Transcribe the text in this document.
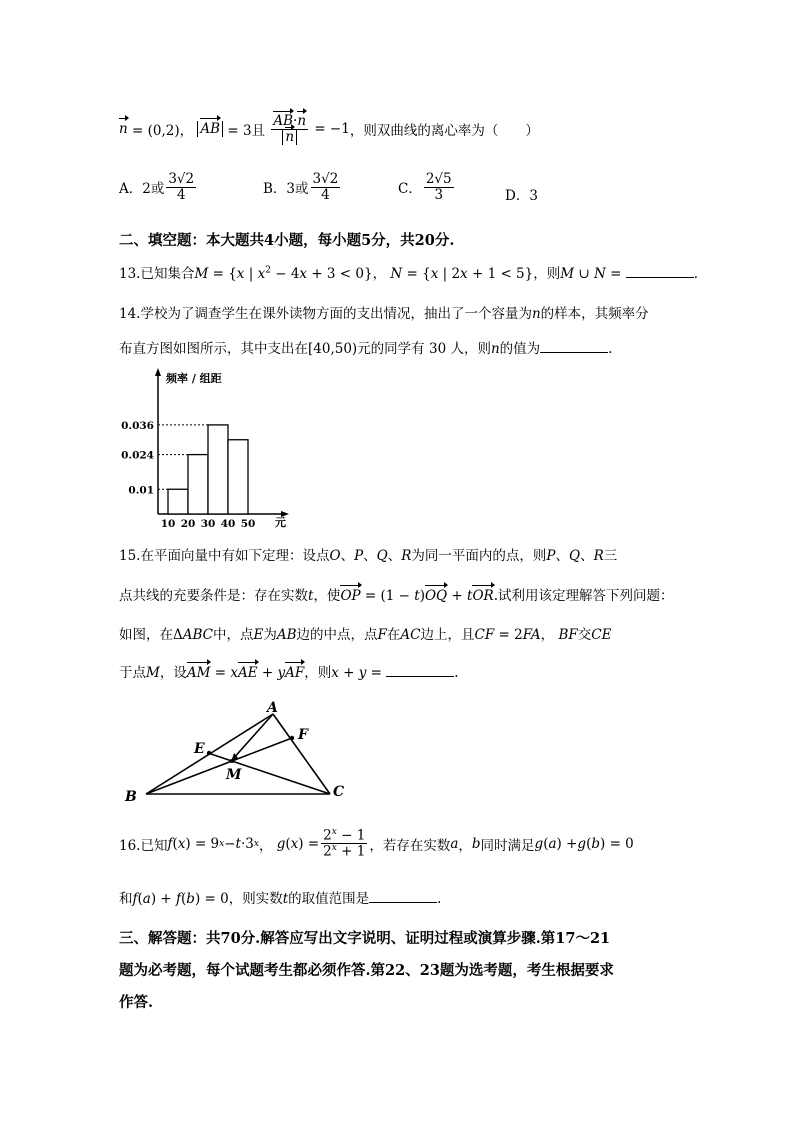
n = (0,2)， AB = 3且 $\frac{AB\cdot n}{n} = -1$ ，则双曲线的离心率为（　　）
A．2或 $\frac{3√2}{4}$	B．3或 $\frac{3√2}{4}$	C． $\frac{2√5}{3}$	D．3
二、填空题：本大题共4小题，每小题5分，共20分.
13.已知集合M = {x | $x^2 - 4x + 3 < 0$}， N = {x | 2x + 1 < 5}，则M ∪ N =	.
14.学校为了调查学生在课外读物方面的支出情况，抽出了一个容量为n的样本，其频率分
布直方图如图所示，其中支出在[40,50)元的同学有 30 人，则n的值为	.
频率 / 组距
元
0.01
0.024
0.036
10 20 30 40 50
15.在平面向量中有如下定理：设点O、P、Q、R为同一平面内的点，则P、Q、R三
点共线的充要条件是：存在实数t，使OP = (1 − t)OQ + tOR.试利用该定理解答下列问题：
如图，在ΔABC中，点E为AB边的中点，点F在AC边上，且CF = 2FA， BF交CE
于点M，设AM = xAE + yAF，则x + y =	.
A
B	C
E
F
M
16.已知 f ( x ) = 9 x − t ·3 x ， g ( x ) = $\frac{2^x - 1}{2^x + 1}$ ，若存在实数 a ， b 同时满足 g ( a ) + g ( b ) = 0
和f(a) + f(b) = 0，则实数t的取值范围是	.
三、解答题：共70分.解答应写出文字说明、证明过程或演算步骤.第17～21
题为必考题，每个试题考生都必须作答.第22、23题为选考题，考生根据要求
作答.
